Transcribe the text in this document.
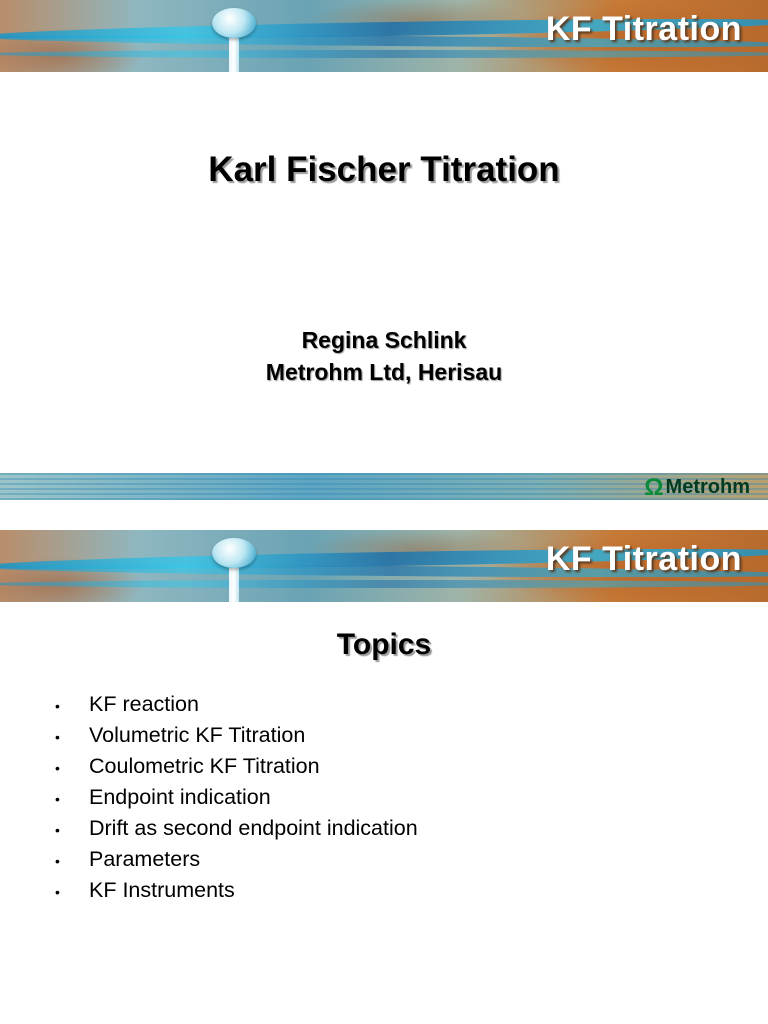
KF Titration
Karl Fischer Titration

Regina Schlink

Metrohm Ltd, Herisau

Ω Metrohm
KF Titration
Topics
•	KF reaction
•	Volumetric KF Titration
•	Coulometric KF Titration
•	Endpoint indication
•	Drift as second endpoint indication
•	Parameters
•	KF Instruments
